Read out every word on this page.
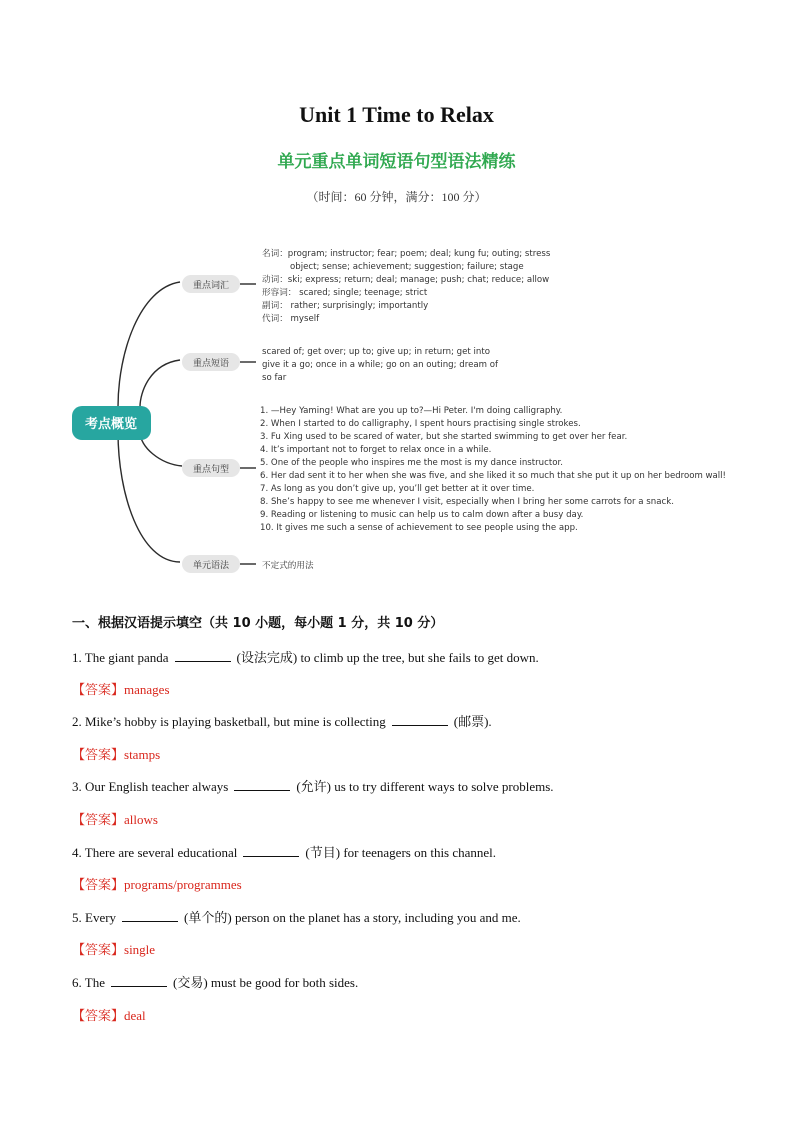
Unit 1 Time to Relax
单元重点单词短语句型语法精练
（时间：60 分钟，满分：100 分）
考点概览
重点词汇
名词：program; instructor; fear; poem; deal; kung fu; outing; stress
object; sense; achievement; suggestion; failure; stage
动词：ski; express; return; deal; manage; push; chat; reduce; allow
形容词： scared; single; teenage; strict
副词： rather; surprisingly; importantly
代词： myself
重点短语
scared of; get over; up to; give up; in return; get into
give it a go; once in a while; go on an outing; dream of
so far
重点句型
1. —Hey Yaming! What are you up to?—Hi Peter. I'm doing calligraphy.
2. When I started to do calligraphy, I spent hours practising single strokes.
3. Fu Xing used to be scared of water, but she started swimming to get over her fear.
4. It’s important not to forget to relax once in a while.
5. One of the people who inspires me the most is my dance instructor.
6. Her dad sent it to her when she was five, and she liked it so much that she put it up on her bedroom wall!
7. As long as you don’t give up, you’ll get better at it over time.
8. She’s happy to see me whenever I visit, especially when I bring her some carrots for a snack.
9. Reading or listening to music can help us to calm down after a busy day.
10. It gives me such a sense of achievement to see people using the app.
单元语法	不定式的用法
一、根据汉语提示填空（共 10 小题，每小题 1 分，共 10 分）
1. The giant panda	(设法完成) to climb up the tree, but she fails to get down.
【答案】manages
2. Mike’s hobby is playing basketball, but mine is collecting	(邮票).
【答案】stamps
3. Our English teacher always	(允许) us to try different ways to solve problems.
【答案】allows
4. There are several educational	(节目) for teenagers on this channel.
【答案】programs/programmes
5. Every	(单个的) person on the planet has a story, including you and me.
【答案】single
6. The	(交易) must be good for both sides.
【答案】deal
